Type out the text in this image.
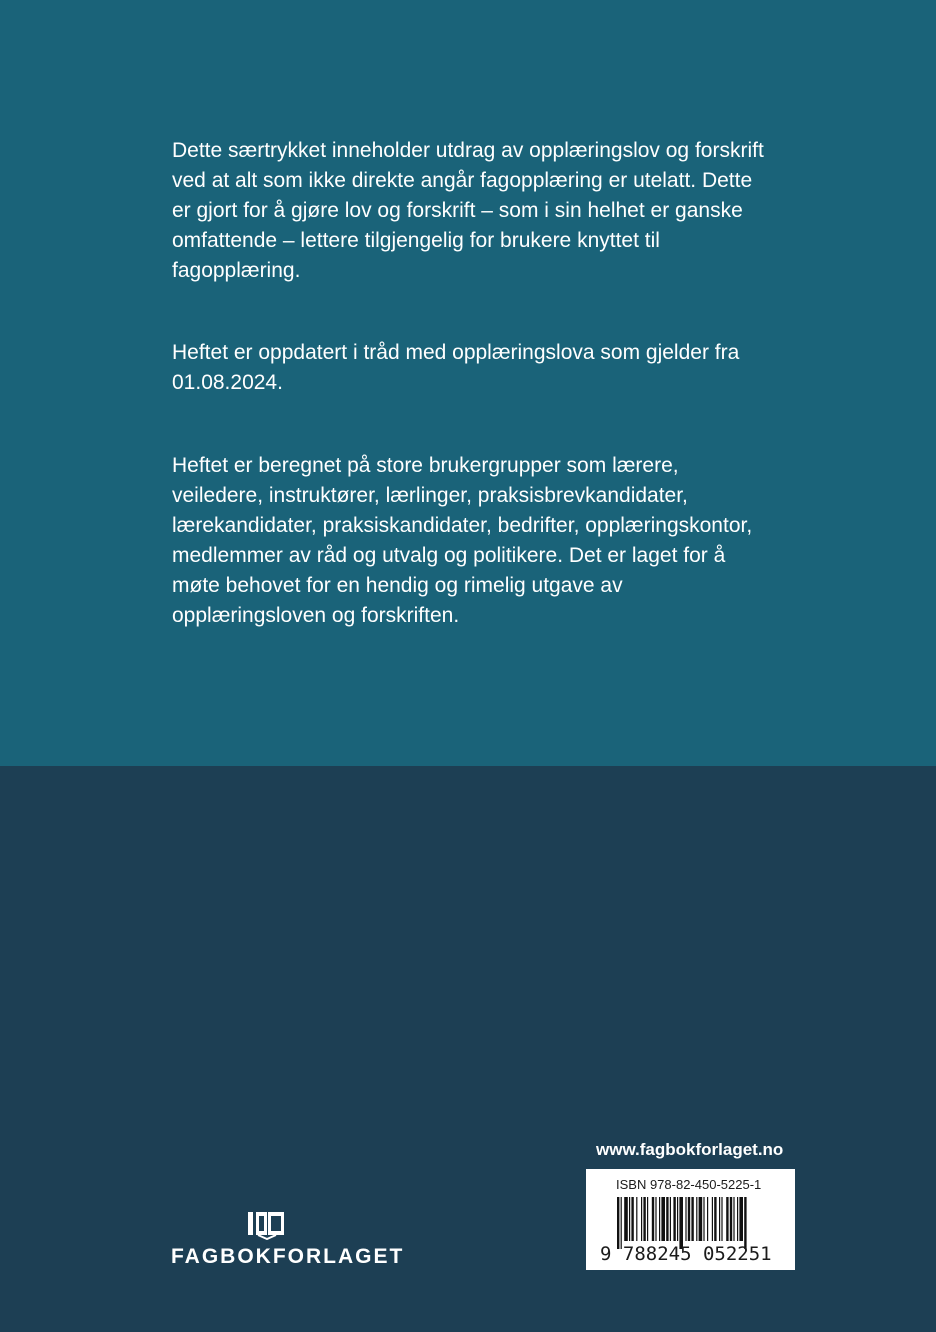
Dette særtrykket inneholder utdrag av opplæringslov og forskrift ved at alt som ikke direkte angår fagopplæring er utelatt. Dette er gjort for å gjøre lov og forskrift – som i sin helhet er ganske omfattende – lettere tilgjengelig for brukere knyttet til fagopplæring.

Heftet er oppdatert i tråd med opplæringslova som gjelder fra 01.08.2024.

Heftet er beregnet på store brukergrupper som lærere, veiledere, instruktører, lærlinger, praksisbrevkandidater, lærekandidater, praksiskandidater, bedrifter, opplæringskontor, medlemmer av råd og utvalg og politikere. Det er laget for å møte behovet for en hendig og rimelig utgave av opplæringsloven og forskriften.

www.fagbokforlaget.no
ISBN 978-82-450-5225-1
9 788245 052251
FAGBOKFORLAGET
